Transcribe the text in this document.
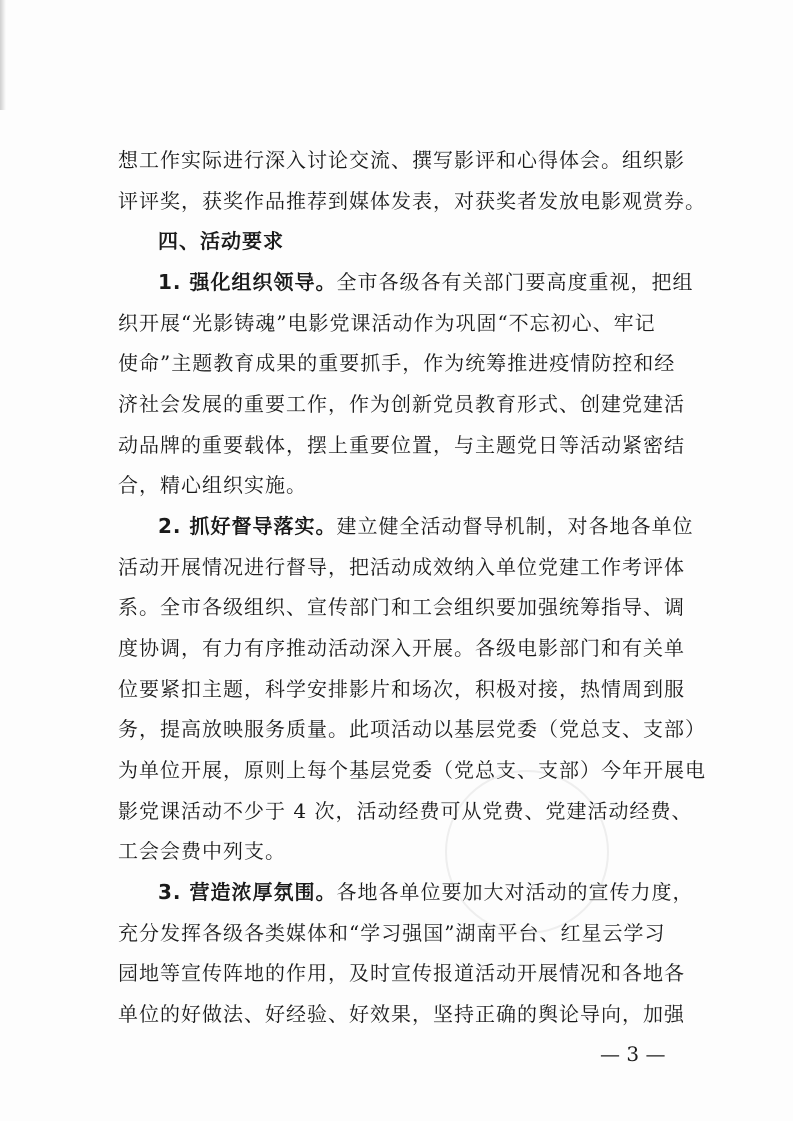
想工作实际进行深入讨论交流、撰写影评和心得体会。组织影
评评奖，获奖作品推荐到媒体发表，对获奖者发放电影观赏券。
四、活动要求
1. 强化组织领导。全市各级各有关部门要高度重视，把组
织开展“光影铸魂”电影党课活动作为巩固“不忘初心、牢记
使命”主题教育成果的重要抓手，作为统筹推进疫情防控和经
济社会发展的重要工作，作为创新党员教育形式、创建党建活
动品牌的重要载体，摆上重要位置，与主题党日等活动紧密结
合，精心组织实施。
2. 抓好督导落实。建立健全活动督导机制，对各地各单位
活动开展情况进行督导，把活动成效纳入单位党建工作考评体
系。全市各级组织、宣传部门和工会组织要加强统筹指导、调
度协调，有力有序推动活动深入开展。各级电影部门和有关单
位要紧扣主题，科学安排影片和场次，积极对接，热情周到服
务，提高放映服务质量。此项活动以基层党委（党总支、支部）
为单位开展，原则上每个基层党委（党总支、支部）今年开展电
影党课活动不少于 4 次，活动经费可从党费、党建活动经费、
工会会费中列支。
3. 营造浓厚氛围。各地各单位要加大对活动的宣传力度，
— 3 —
充分发挥各级各类媒体和“学习强国”湖南平台、红星云学习
园地等宣传阵地的作用，及时宣传报道活动开展情况和各地各
单位的好做法、好经验、好效果，坚持正确的舆论导向，加强
